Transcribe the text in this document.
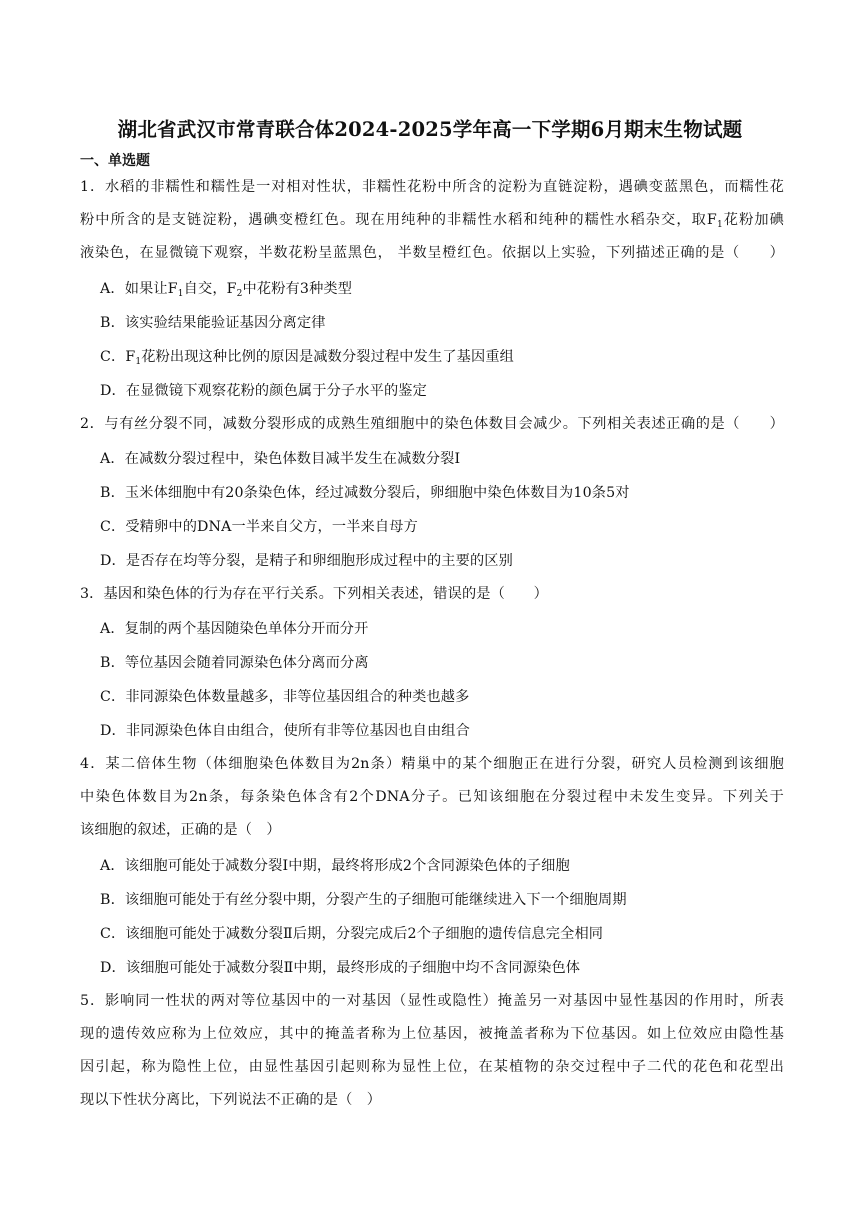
湖北省武汉市常青联合体2024-2025学年高一下学期6月期末生物试题
一、单选题
1．水稻的非糯性和糯性是一对相对性状，非糯性花粉中所含的淀粉为直链淀粉，遇碘变蓝黑色，而糯性花
粉中所含的是支链淀粉，遇碘变橙红色。现在用纯种的非糯性水稻和纯种的糯性水稻杂交，取$F_1$花粉加碘
液染色，在显微镜下观察，半数花粉呈蓝黑色， 半数呈橙红色。依据以上实验，下列描述正确的是（　　）
A．如果让$F_1$自交，$F_2$中花粉有3种类型
B．该实验结果能验证基因分离定律
C．$F_1$花粉出现这种比例的原因是减数分裂过程中发生了基因重组
D．在显微镜下观察花粉的颜色属于分子水平的鉴定
2．与有丝分裂不同，减数分裂形成的成熟生殖细胞中的染色体数目会减少。下列相关表述正确的是（　　）
A．在减数分裂过程中，染色体数目减半发生在减数分裂Ⅰ
B．玉米体细胞中有20条染色体，经过减数分裂后，卵细胞中染色体数目为10条5对
C．受精卵中的DNA一半来自父方，一半来自母方
D．是否存在均等分裂，是精子和卵细胞形成过程中的主要的区别
3．基因和染色体的行为存在平行关系。下列相关表述，错误的是（　　）
A．复制的两个基因随染色单体分开而分开
B．等位基因会随着同源染色体分离而分离
C．非同源染色体数量越多，非等位基因组合的种类也越多
D．非同源染色体自由组合，使所有非等位基因也自由组合
4．某二倍体生物（体细胞染色体数目为2n条）精巢中的某个细胞正在进行分裂，研究人员检测到该细胞
中染色体数目为2n条，每条染色体含有2个DNA分子。已知该细胞在分裂过程中未发生变异。下列关于
该细胞的叙述，正确的是（　）
A．该细胞可能处于减数分裂Ⅰ中期，最终将形成2个含同源染色体的子细胞
B．该细胞可能处于有丝分裂中期，分裂产生的子细胞可能继续进入下一个细胞周期
C．该细胞可能处于减数分裂Ⅱ后期，分裂完成后2个子细胞的遗传信息完全相同
D．该细胞可能处于减数分裂Ⅱ中期，最终形成的子细胞中均不含同源染色体
5．影响同一性状的两对等位基因中的一对基因（显性或隐性）掩盖另一对基因中显性基因的作用时，所表
现的遗传效应称为上位效应，其中的掩盖者称为上位基因，被掩盖者称为下位基因。如上位效应由隐性基
因引起，称为隐性上位，由显性基因引起则称为显性上位，在某植物的杂交过程中子二代的花色和花型出
现以下性状分离比，下列说法不正确的是（　）
